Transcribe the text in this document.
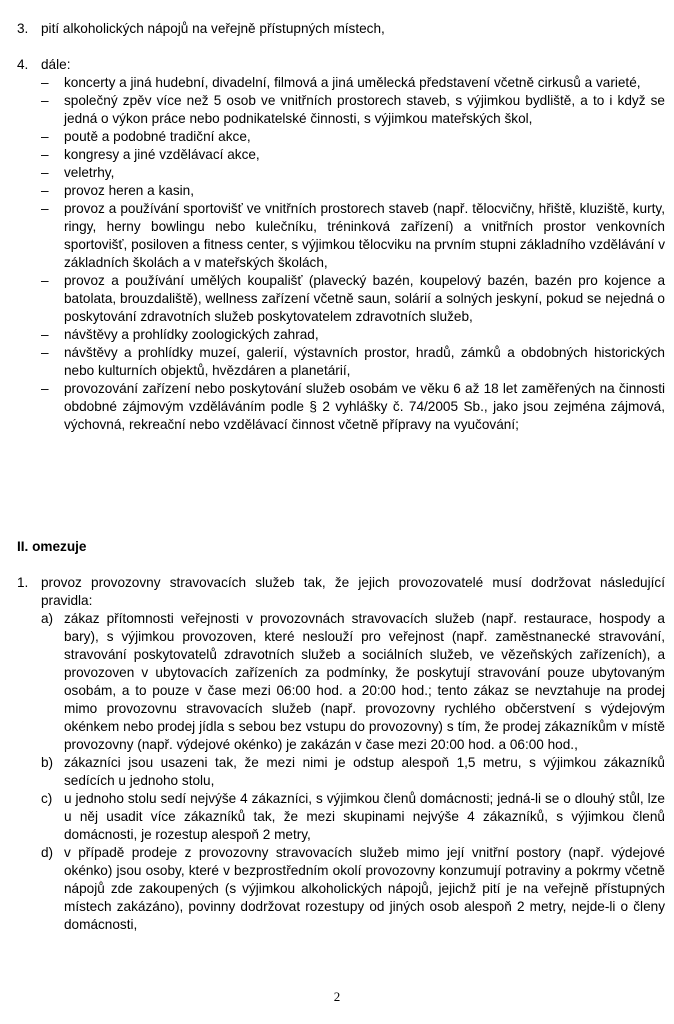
3. pití alkoholických nápojů na veřejně přístupných místech,
4. dále:
– koncerty a jiná hudební, divadelní, filmová a jiná umělecká představení včetně cirkusů a varieté,
– společný zpěv více než 5 osob ve vnitřních prostorech staveb, s výjimkou bydliště, a to i když se jedná o výkon práce nebo podnikatelské činnosti, s výjimkou mateřských škol,
– poutě a podobné tradiční akce,
– kongresy a jiné vzdělávací akce,
– veletrhy,
– provoz heren a kasin,
– provoz a používání sportovišť ve vnitřních prostorech staveb (např. tělocvičny, hřiště, kluziště, kurty, ringy, herny bowlingu nebo kulečníku, tréninková zařízení) a vnitřních prostor venkovních sportovišť, posiloven a fitness center, s výjimkou tělocviku na prvním stupni základního vzdělávání v základních školách a v mateřských školách,
– provoz a používání umělých koupališť (plavecký bazén, koupelový bazén, bazén pro kojence a batolata, brouzdaliště), wellness zařízení včetně saun, solárií a solných jeskyní, pokud se nejedná o poskytování zdravotních služeb poskytovatelem zdravotních služeb,
– návštěvy a prohlídky zoologických zahrad,
– návštěvy a prohlídky muzeí, galerií, výstavních prostor, hradů, zámků a obdobných historických nebo kulturních objektů, hvězdáren a planetárií,
– provozování zařízení nebo poskytování služeb osobám ve věku 6 až 18 let zaměřených na činnosti obdobné zájmovým vzděláváním podle § 2 vyhlášky č. 74/2005 Sb., jako jsou zejména zájmová, výchovná, rekreační nebo vzdělávací činnost včetně přípravy na vyučování;
II. omezuje
1. provoz provozovny stravovacích služeb tak, že jejich provozovatelé musí dodržovat následující pravidla:
a) zákaz přítomnosti veřejnosti v provozovnách stravovacích služeb (např. restaurace, hospody a bary), s výjimkou provozoven, které neslouží pro veřejnost (např. zaměstnanecké stravování, stravování poskytovatelů zdravotních služeb a sociálních služeb, ve vězeňských zařízeních), a provozoven v ubytovacích zařízeních za podmínky, že poskytují stravování pouze ubytovaným osobám, a to pouze v čase mezi 06:00 hod. a 20:00 hod.; tento zákaz se nevztahuje na prodej mimo provozovnu stravovacích služeb (např. provozovny rychlého občerstvení s výdejovým okénkem nebo prodej jídla s sebou bez vstupu do provozovny) s tím, že prodej zákazníkům v místě provozovny (např. výdejové okénko) je zakázán v čase mezi 20:00 hod. a 06:00 hod.,
b) zákazníci jsou usazeni tak, že mezi nimi je odstup alespoň 1,5 metru, s výjimkou zákazníků sedících u jednoho stolu,
c) u jednoho stolu sedí nejvýše 4 zákazníci, s výjimkou členů domácnosti; jedná-li se o dlouhý stůl, lze u něj usadit více zákazníků tak, že mezi skupinami nejvýše 4 zákazníků, s výjimkou členů domácnosti, je rozestup alespoň 2 metry,
d) v případě prodeje z provozovny stravovacích služeb mimo její vnitřní postory (např. výdejové okénko) jsou osoby, které v bezprostředním okolí provozovny konzumují potraviny a pokrmy včetně nápojů zde zakoupených (s výjimkou alkoholických nápojů, jejichž pití je na veřejně přístupných místech zakázáno), povinny dodržovat rozestupy od jiných osob alespoň 2 metry, nejde-li o členy domácnosti,
2
